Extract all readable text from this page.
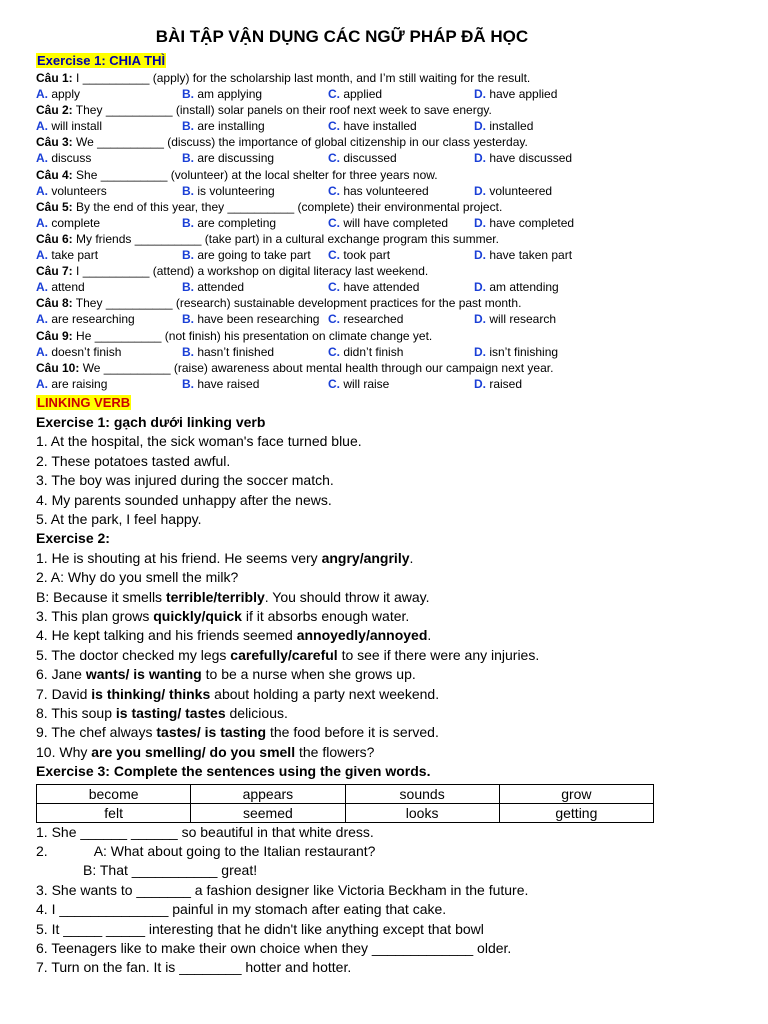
BÀI TẬP VẬN DỤNG CÁC NGỮ PHÁP ĐÃ HỌC
Exercise 1: CHIA THÌ
Câu 1: I __________ (apply) for the scholarship last month, and I’m still waiting for the result.
A. apply	B. am applying	C. applied	D. have applied
Câu 2: They __________ (install) solar panels on their roof next week to save energy.
A. will install	B. are installing	C. have installed	D. installed
Câu 3: We __________ (discuss) the importance of global citizenship in our class yesterday.
A. discuss	B. are discussing	C. discussed	D. have discussed
Câu 4: She __________ (volunteer) at the local shelter for three years now.
A. volunteers	B. is volunteering	C. has volunteered	D. volunteered
Câu 5: By the end of this year, they __________ (complete) their environmental project.
A. complete	B. are completing	C. will have completed	D. have completed
Câu 6: My friends __________ (take part) in a cultural exchange program this summer.
A. take part	B. are going to take part	C. took part	D. have taken part
Câu 7: I __________ (attend) a workshop on digital literacy last weekend.
A. attend	B. attended	C. have attended	D. am attending
Câu 8: They __________ (research) sustainable development practices for the past month.
A. are researching	B. have been researching C. researched	D. will research
Câu 9: He __________ (not finish) his presentation on climate change yet.
A. doesn’t finish	B. hasn’t finished	C. didn’t finish	D. isn’t finishing
Câu 10: We __________ (raise) awareness about mental health through our campaign next year.
A. are raising	B. have raised	C. will raise	D. raised
LINKING VERB
Exercise 1: gạch dưới linking verb
1. At the hospital, the sick woman's face turned blue.
2. These potatoes tasted awful.
3. The boy was injured during the soccer match.
4. My parents sounded unhappy after the news.
5. At the park, I feel happy.
Exercise 2:
1. He is shouting at his friend. He seems very angry/angrily.
2. A: Why do you smell the milk?
B: Because it smells terrible/terribly. You should throw it away.
3. This plan grows quickly/quick if it absorbs enough water.
4. He kept talking and his friends seemed annoyedly/annoyed.
5. The doctor checked my legs carefully/careful to see if there were any injuries.
6. Jane wants/ is wanting to be a nurse when she grows up.
7. David is thinking/ thinks about holding a party next weekend.
8. This soup is tasting/ tastes delicious.
9. The chef always tastes/ is tasting the food before it is served.
10. Why are you smelling/ do you smell the flowers?
Exercise 3: Complete the sentences using the given words.
become	appears	sounds	grow
felt	seemed	looks	getting
1. She ______ ______ so beautiful in that white dress.
2.	A: What about going to the Italian restaurant?
B: That ___________ great!
3. She wants to _______ a fashion designer like Victoria Beckham in the future.
4. I ______________ painful in my stomach after eating that cake.
5. It _____ _____ interesting that he didn't like anything except that bowl
6. Teenagers like to make their own choice when they _____________ older.
7. Turn on the fan. It is ________ hotter and hotter.
